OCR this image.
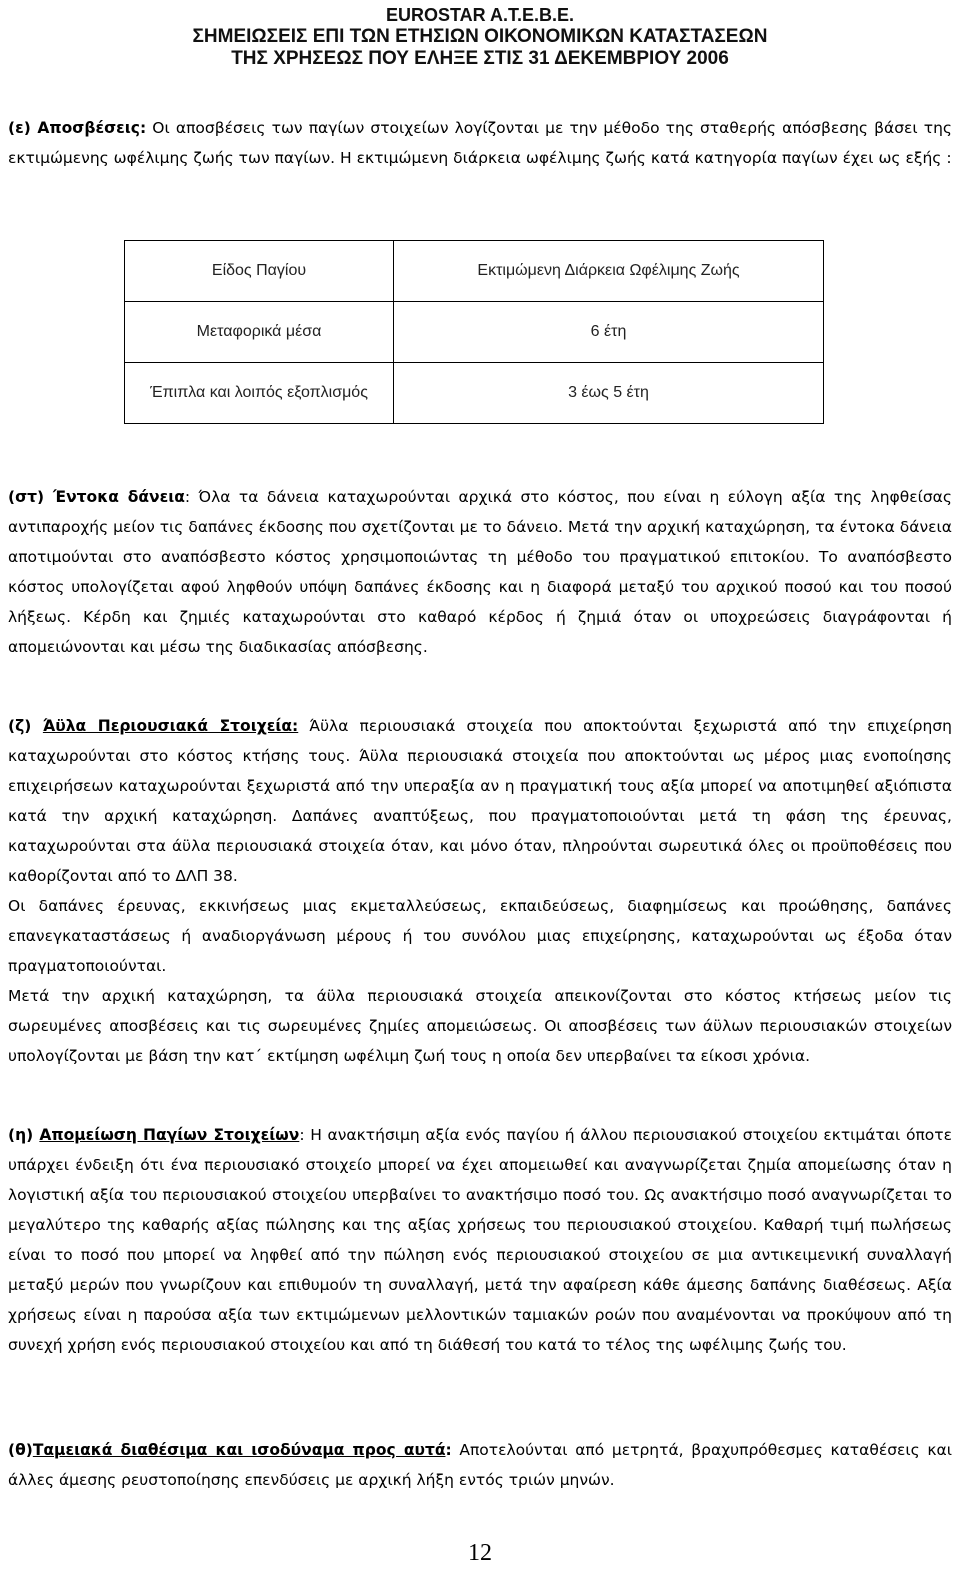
EUROSTAR A.T.E.B.E.
ΣΗΜΕΙΩΣΕΙΣ ΕΠΙ ΤΩΝ ΕΤΗΣΙΩΝ ΟΙΚΟΝΟΜΙΚΩΝ ΚΑΤΑΣΤΑΣΕΩΝ
ΤΗΣ ΧΡΗΣΕΩΣ ΠΟΥ ΕΛΗΞΕ ΣΤΙΣ 31 ΔΕΚΕΜΒΡΙΟΥ 2006
(ε) Αποσβέσεις: Οι αποσβέσεις των παγίων στοιχείων λογίζονται με την μέθοδο της σταθερής απόσβεσης βάσει της εκτιμώμενης ωφέλιμης ζωής των παγίων. Η εκτιμώμενη διάρκεια ωφέλιμης ζωής κατά κατηγορία παγίων έχει ως εξής :
Είδος Παγίου	Εκτιμώμενη Διάρκεια Ωφέλιμης Ζωής
Μεταφορικά μέσα	6 έτη
Έπιπλα και λοιπός εξοπλισμός	3 έως 5 έτη
(στ) Έντοκα δάνεια: Όλα τα δάνεια καταχωρούνται αρχικά στο κόστος, που είναι η εύλογη αξία της ληφθείσας αντιπαροχής μείον τις δαπάνες έκδοσης που σχετίζονται με το δάνειο. Μετά την αρχική καταχώρηση, τα έντοκα δάνεια αποτιμούνται στο αναπόσβεστο κόστος χρησιμοποιώντας τη μέθοδο του πραγματικού επιτοκίου. Το αναπόσβεστο κόστος υπολογίζεται αφού ληφθούν υπόψη δαπάνες έκδοσης και η διαφορά μεταξύ του αρχικού ποσού και του ποσού λήξεως. Κέρδη και ζημιές καταχωρούνται στο καθαρό κέρδος ή ζημιά όταν οι υποχρεώσεις διαγράφονται ή απομειώνονται και μέσω της διαδικασίας απόσβεσης.
(ζ) Άϋλα Περιουσιακά Στοιχεία: Άϋλα περιουσιακά στοιχεία που αποκτούνται ξεχωριστά από την επιχείρηση καταχωρούνται στο κόστος κτήσης τους. Άϋλα περιουσιακά στοιχεία που αποκτούνται ως μέρος μιας ενοποίησης επιχειρήσεων καταχωρούνται ξεχωριστά από την υπεραξία αν η πραγματική τους αξία μπορεί να αποτιμηθεί αξιόπιστα κατά την αρχική καταχώρηση. Δαπάνες αναπτύξεως, που πραγματοποιούνται μετά τη φάση της έρευνας, καταχωρούνται στα άϋλα περιουσιακά στοιχεία όταν, και μόνο όταν, πληρούνται σωρευτικά όλες οι προϋποθέσεις που καθορίζονται από το ΔΛΠ 38.
Οι δαπάνες έρευνας, εκκινήσεως μιας εκμεταλλεύσεως, εκπαιδεύσεως, διαφημίσεως και προώθησης, δαπάνες επανεγκαταστάσεως ή αναδιοργάνωση μέρους ή του συνόλου μιας επιχείρησης, καταχωρούνται ως έξοδα όταν πραγματοποιούνται.
Μετά την αρχική καταχώρηση, τα άϋλα περιουσιακά στοιχεία απεικονίζονται στο κόστος κτήσεως μείον τις σωρευμένες αποσβέσεις και τις σωρευμένες ζημίες απομειώσεως. Οι αποσβέσεις των άϋλων περιουσιακών στοιχείων υπολογίζονται με βάση την κατ΄ εκτίμηση ωφέλιμη ζωή τους η οποία δεν υπερβαίνει τα είκοσι χρόνια.
(η) Απομείωση Παγίων Στοιχείων: Η ανακτήσιμη αξία ενός παγίου ή άλλου περιουσιακού στοιχείου εκτιμάται όποτε υπάρχει ένδειξη ότι ένα περιουσιακό στοιχείο μπορεί να έχει απομειωθεί και αναγνωρίζεται ζημία απομείωσης όταν η λογιστική αξία του περιουσιακού στοιχείου υπερβαίνει το ανακτήσιμο ποσό του. Ως ανακτήσιμο ποσό αναγνωρίζεται το μεγαλύτερο της καθαρής αξίας πώλησης και της αξίας χρήσεως του περιουσιακού στοιχείου. Καθαρή τιμή πωλήσεως είναι το ποσό που μπορεί να ληφθεί από την πώληση ενός περιουσιακού στοιχείου σε μια αντικειμενική συναλλαγή μεταξύ μερών που γνωρίζουν και επιθυμούν τη συναλλαγή, μετά την αφαίρεση κάθε άμεσης δαπάνης διαθέσεως. Αξία χρήσεως είναι η παρούσα αξία των εκτιμώμενων μελλοντικών ταμιακών ροών που αναμένονται να προκύψουν από τη συνεχή χρήση ενός περιουσιακού στοιχείου και από τη διάθεσή του κατά το τέλος της ωφέλιμης ζωής του.
(θ)Ταμειακά διαθέσιμα και ισοδύναμα προς αυτά: Αποτελούνται από μετρητά, βραχυπρόθεσμες καταθέσεις και άλλες άμεσης ρευστοποίησης επενδύσεις με αρχική λήξη εντός τριών μηνών.
12
